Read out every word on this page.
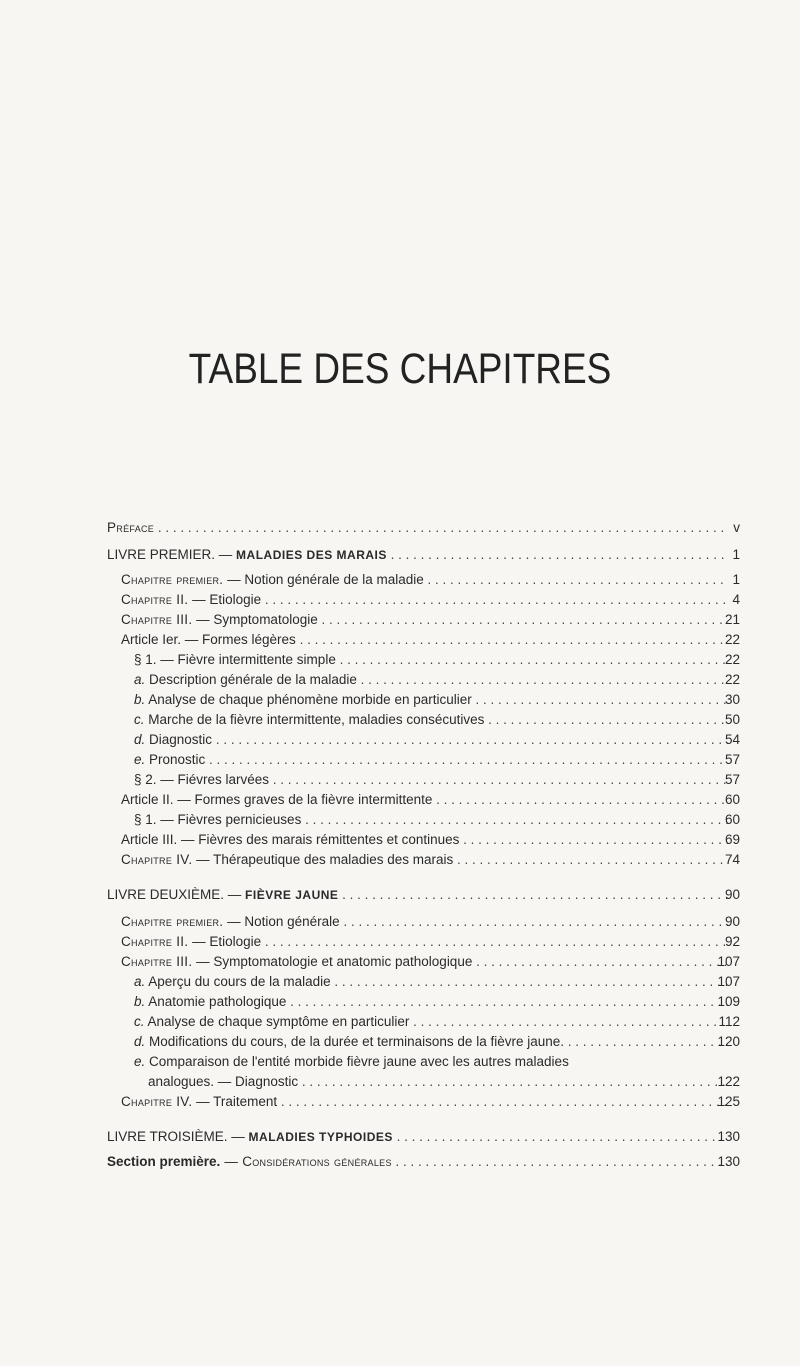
TABLE DES CHAPITRES
Préface . . .	v
LIVRE PREMIER. — MALADIES DES MARAIS . . .	1
Chapitre premier. — Notion générale de la maladie . . .	1
Chapitre II. — Etiologie . . .	4
Chapitre III. — Symptomatologie . . .	21
Article Ier. — Formes légères . . .	22
§ 1. — Fièvre intermittente simple . . .	22
a. Description générale de la maladie . . .	22
b. Analyse de chaque phénomène morbide en particulier . . .	30
c. Marche de la fièvre intermittente, maladies consécutives . . .	50
d. Diagnostic . . .	54
e. Pronostic . . .	57
§ 2. — Fiévres larvées . . .	57
Article II. — Formes graves de la fièvre intermittente . . .	60
§ 1. — Fièvres pernicieuses . . .	60
Article III. — Fièvres des marais rémittentes et continues . . .	69
Chapitre IV. — Thérapeutique des maladies des marais . . .	74
LIVRE DEUXIÈME. — FIÈVRE JAUNE . . .	90
Chapitre premier. — Notion générale . . .	90
Chapitre II. — Etiologie . . .	92
Chapitre III. — Symptomatologie et anatomic pathologique . . .	107
a. Aperçu du cours de la maladie . . .	107
b. Anatomie pathologique . . .	109
c. Analyse de chaque symptôme en particulier . . .	112
d. Modifications du cours, de la durée et terminaisons de la fièvre jaune. . . .	120
e. Comparaison de l'entité morbide fièvre jaune avec les autres maladies
analogues. — Diagnostic . . .	122
Chapitre IV. — Traitement . . .	125
LIVRE TROISIÈME. — MALADIES TYPHOIDES . . .	130
Section première. — Considérations générales . . .	130
